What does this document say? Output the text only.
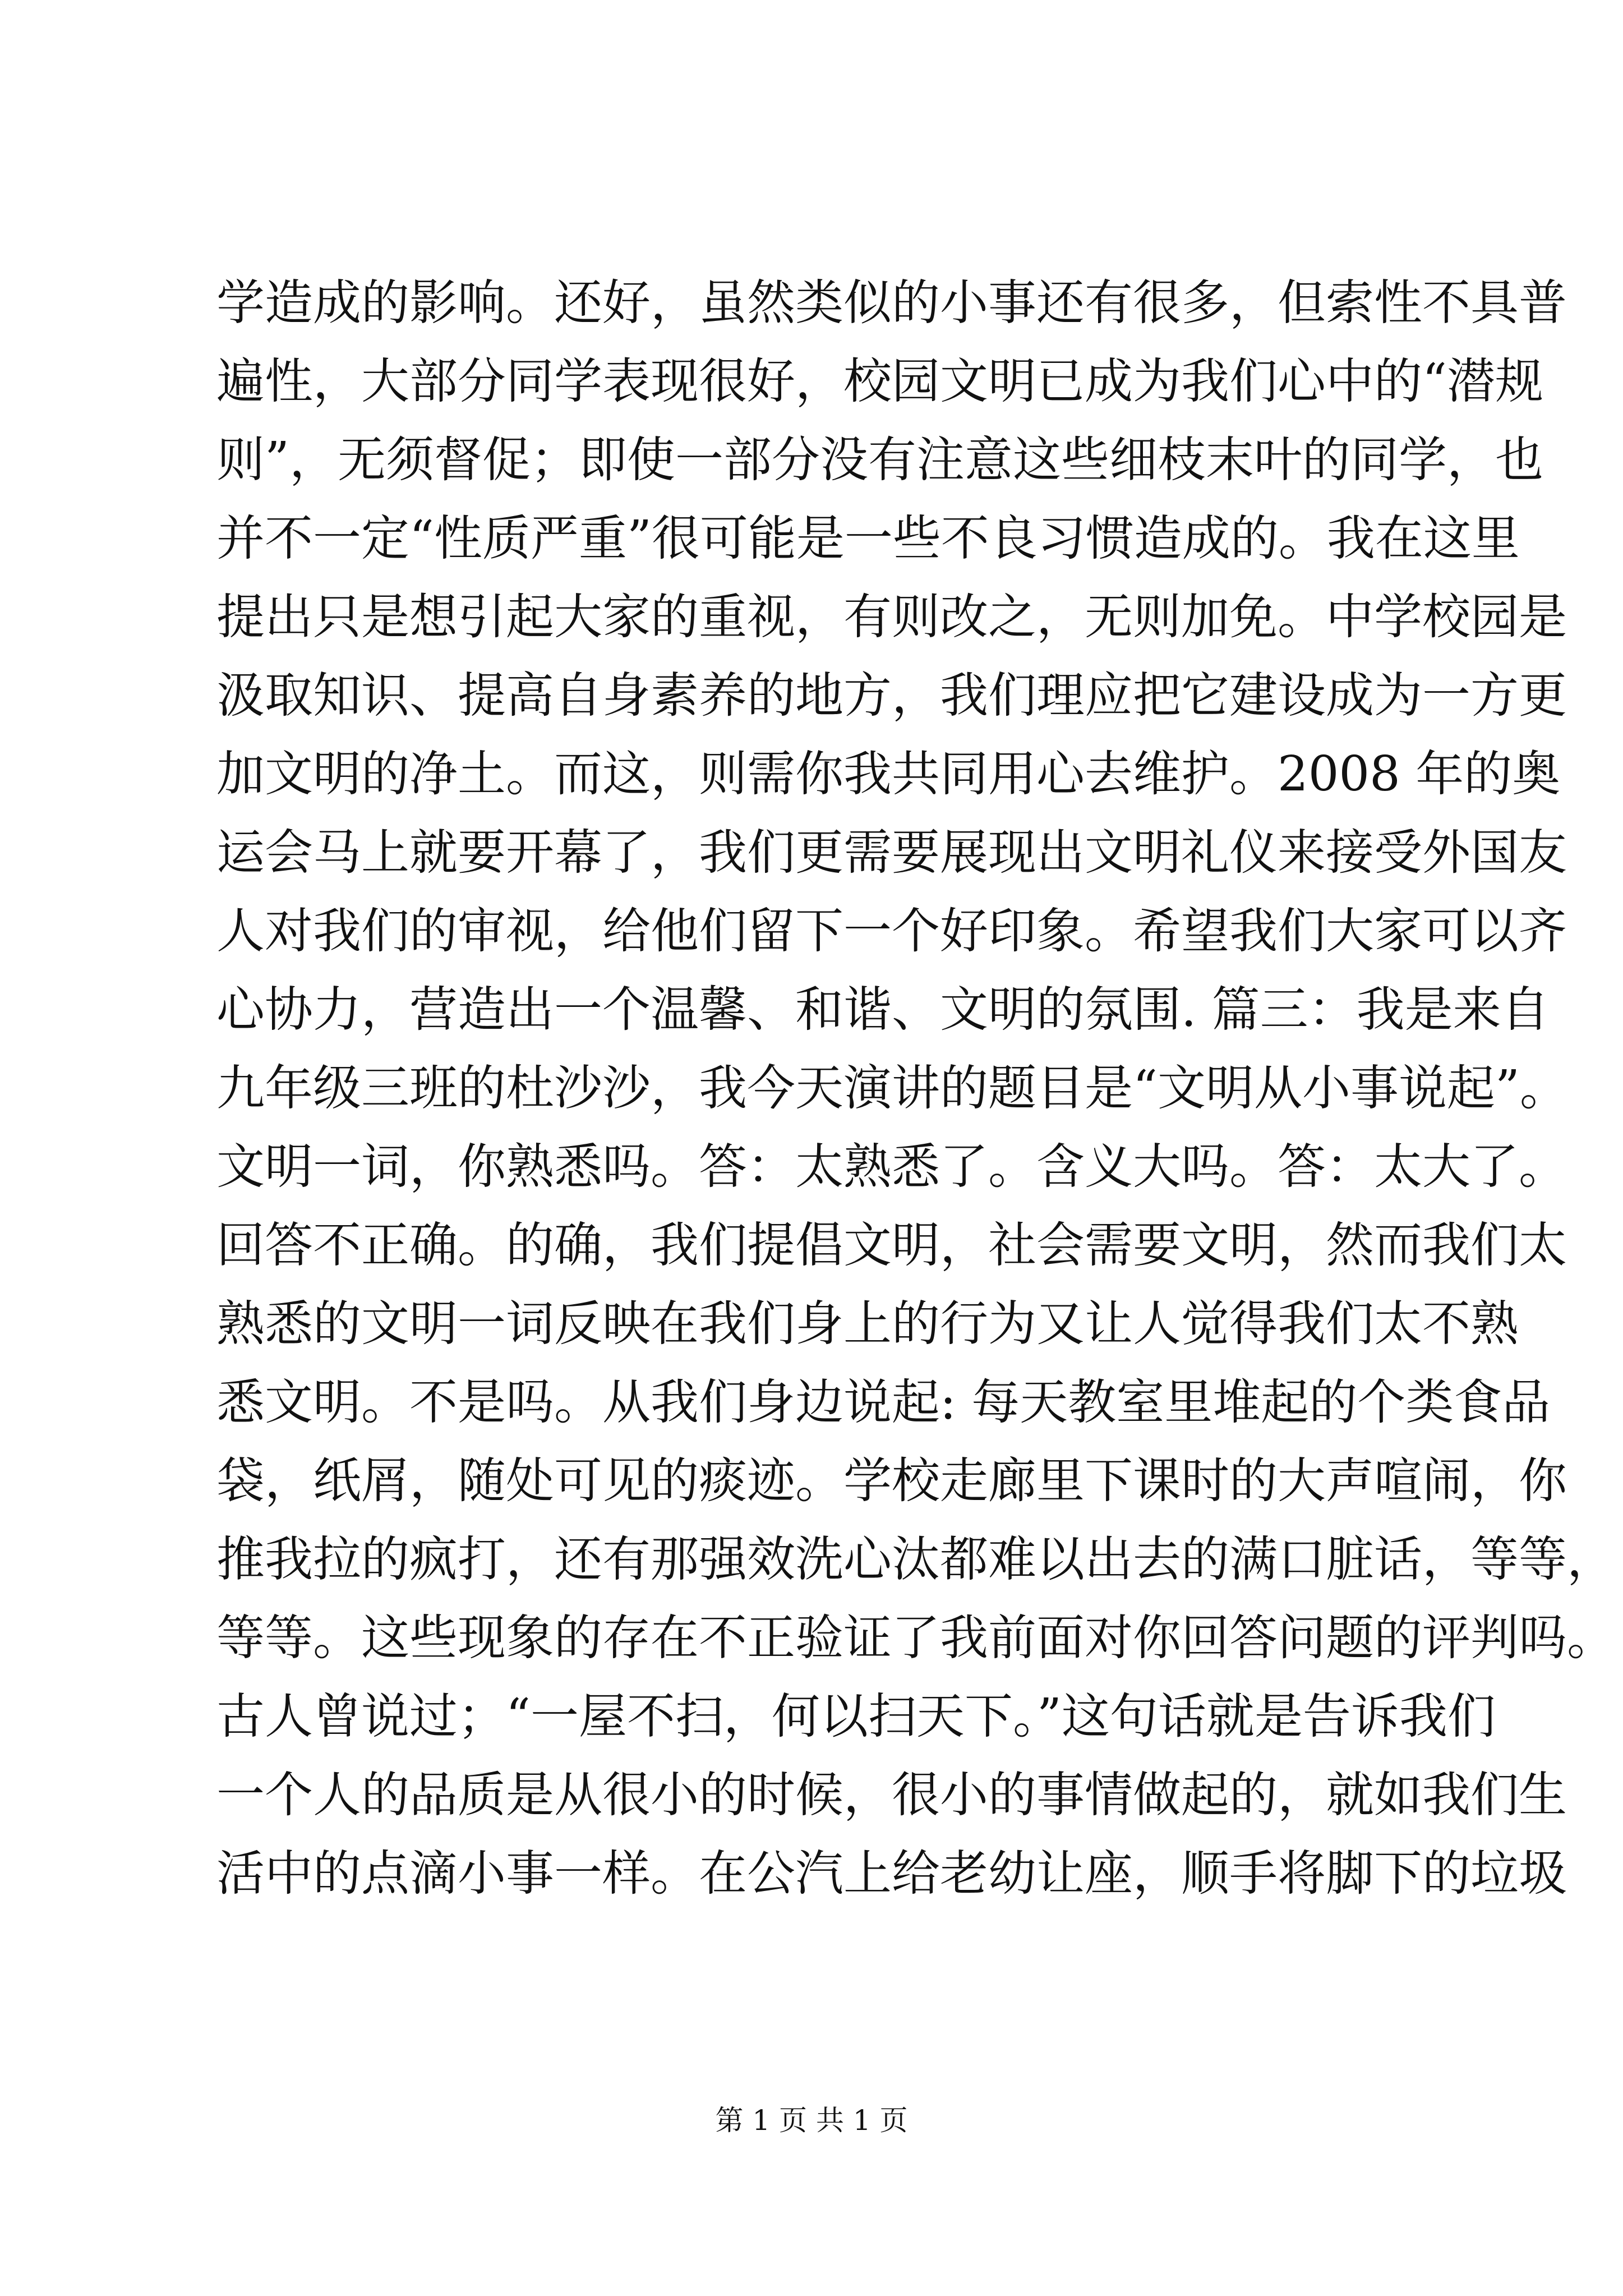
学造成的影响。还好，虽然类似的小事还有很多，但索性不具普
遍性，大部分同学表现很好，校园文明已成为我们心中的“潜规
则”，无须督促；即使一部分没有注意这些细枝末叶的同学，也
并不一定“性质严重”很可能是一些不良习惯造成的。我在这里
提出只是想引起大家的重视，有则改之，无则加免。中学校园是
汲取知识、提高自身素养的地方，我们理应把它建设成为一方更
加文明的净土。而这，则需你我共同用心去维护。2008 年的奥
运会马上就要开幕了，我们更需要展现出文明礼仪来接受外国友
人对我们的审视，给他们留下一个好印象。希望我们大家可以齐
心协力，营造出一个温馨、和谐、文明的氛围. 篇三：我是来自
九年级三班的杜沙沙，我今天演讲的题目是“文明从小事说起”。
文明一词，你熟悉吗。答：太熟悉了。含义大吗。答：太大了。
回答不正确。的确，我们提倡文明，社会需要文明，然而我们太
熟悉的文明一词反映在我们身上的行为又让人觉得我们太不熟
悉文明。不是吗。从我们身边说起: 每天教室里堆起的个类食品
袋，纸屑，随处可见的痰迹。学校走廊里下课时的大声喧闹，你
推我拉的疯打，还有那强效洗心汰都难以出去的满口脏话，等等，
等等。这些现象的存在不正验证了我前面对你回答问题的评判吗。
古人曾说过；“一屋不扫，何以扫天下。”这句话就是告诉我们
一个人的品质是从很小的时候，很小的事情做起的，就如我们生
活中的点滴小事一样。在公汽上给老幼让座，顺手将脚下的垃圾
第 1 页 共 1 页
